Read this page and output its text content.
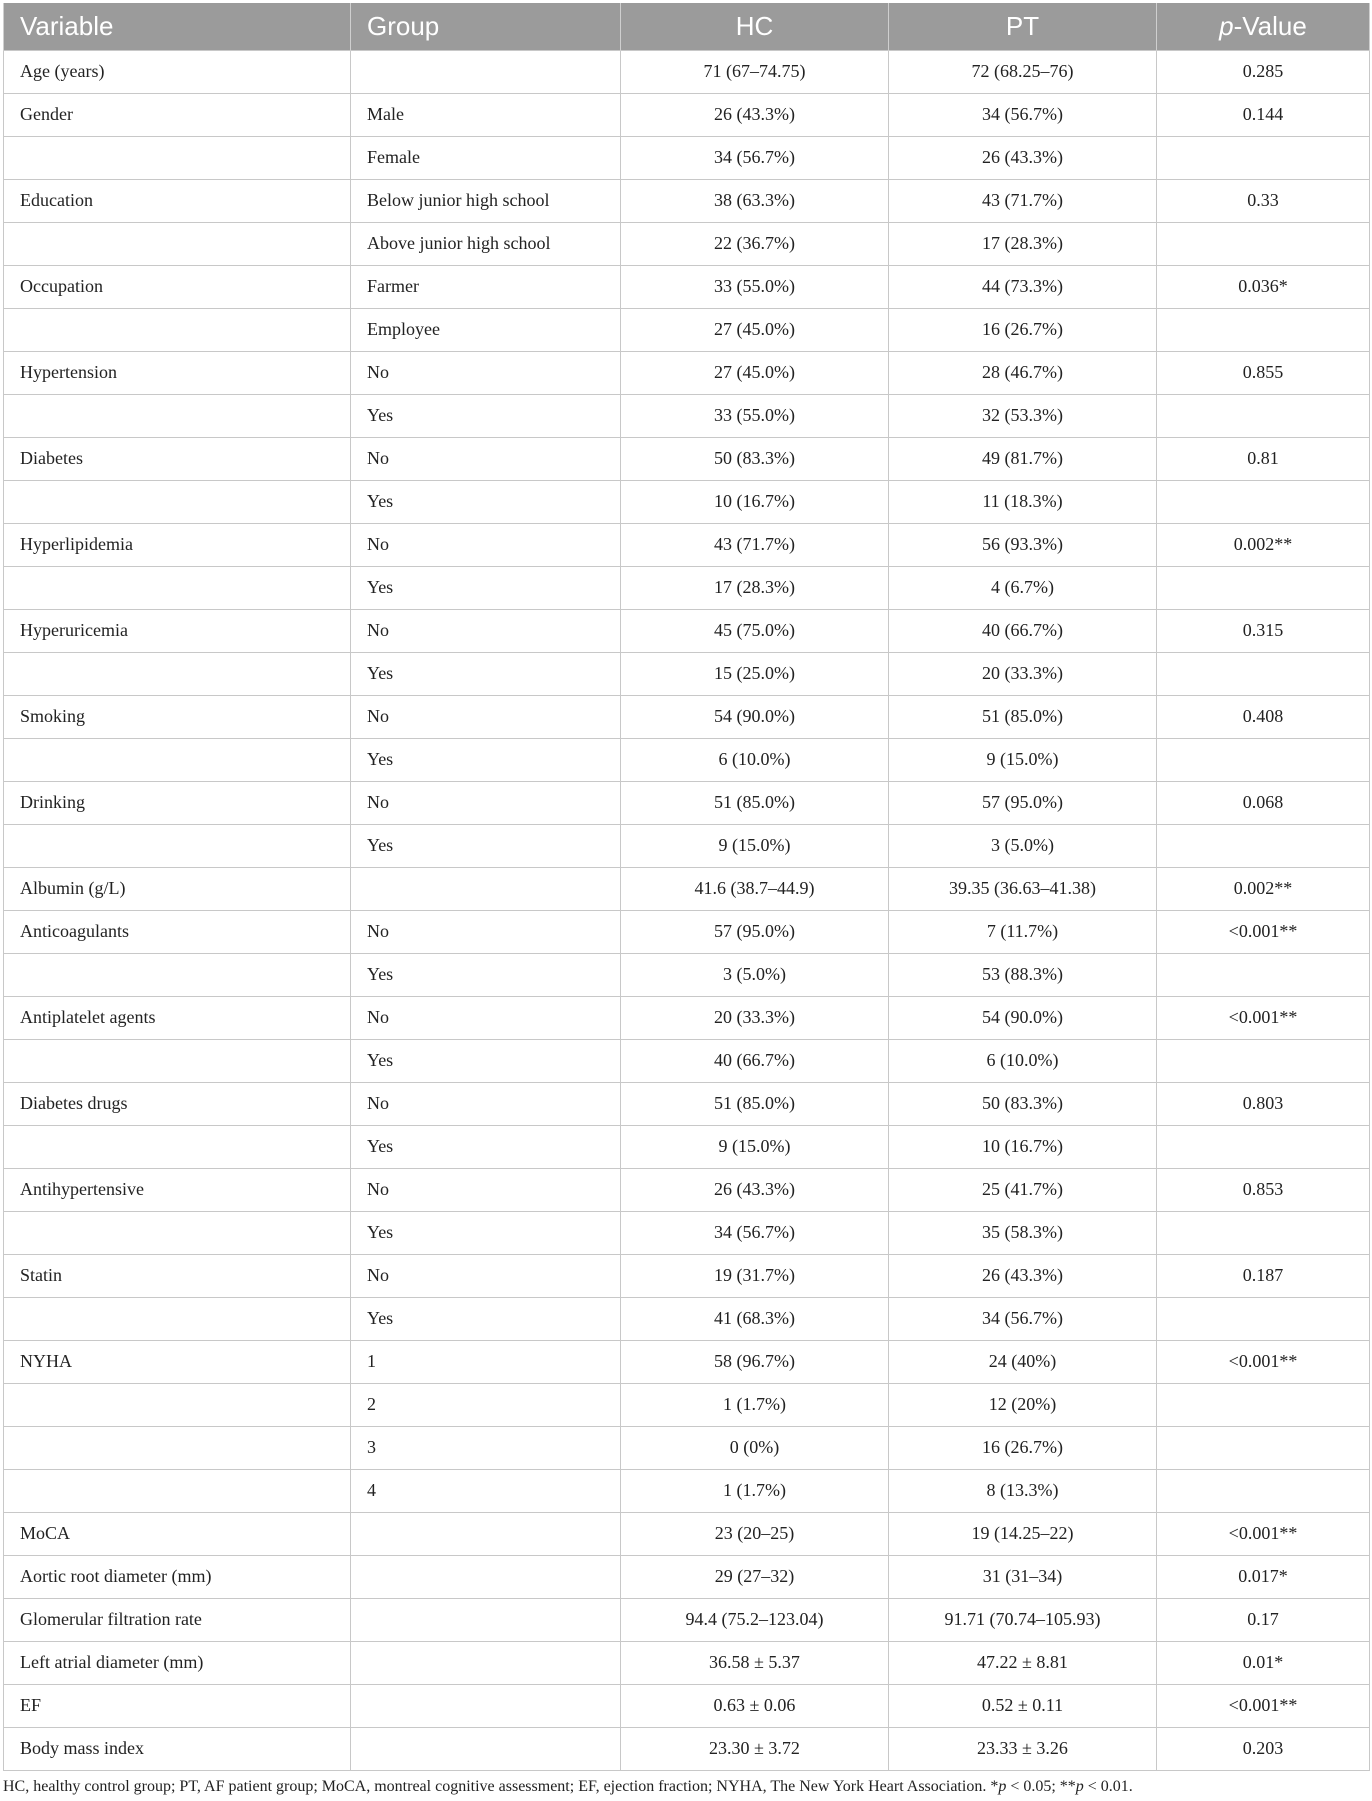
Variable	Group	HC	PT	p-Value
Age (years)		71 (67–74.75)	72 (68.25–76)	0.285
Gender	Male	26 (43.3%)	34 (56.7%)	0.144
	Female	34 (56.7%)	26 (43.3%)	
Education	Below junior high school	38 (63.3%)	43 (71.7%)	0.33
	Above junior high school	22 (36.7%)	17 (28.3%)	
Occupation	Farmer	33 (55.0%)	44 (73.3%)	0.036*
	Employee	27 (45.0%)	16 (26.7%)	
Hypertension	No	27 (45.0%)	28 (46.7%)	0.855
	Yes	33 (55.0%)	32 (53.3%)	
Diabetes	No	50 (83.3%)	49 (81.7%)	0.81
	Yes	10 (16.7%)	11 (18.3%)	
Hyperlipidemia	No	43 (71.7%)	56 (93.3%)	0.002**
	Yes	17 (28.3%)	4 (6.7%)	
Hyperuricemia	No	45 (75.0%)	40 (66.7%)	0.315
	Yes	15 (25.0%)	20 (33.3%)	
Smoking	No	54 (90.0%)	51 (85.0%)	0.408
	Yes	6 (10.0%)	9 (15.0%)	
Drinking	No	51 (85.0%)	57 (95.0%)	0.068
	Yes	9 (15.0%)	3 (5.0%)	
Albumin (g/L)		41.6 (38.7–44.9)	39.35 (36.63–41.38)	0.002**
Anticoagulants	No	57 (95.0%)	7 (11.7%)	<0.001**
	Yes	3 (5.0%)	53 (88.3%)	
Antiplatelet agents	No	20 (33.3%)	54 (90.0%)	<0.001**
	Yes	40 (66.7%)	6 (10.0%)	
Diabetes drugs	No	51 (85.0%)	50 (83.3%)	0.803
	Yes	9 (15.0%)	10 (16.7%)	
Antihypertensive	No	26 (43.3%)	25 (41.7%)	0.853
	Yes	34 (56.7%)	35 (58.3%)	
Statin	No	19 (31.7%)	26 (43.3%)	0.187
	Yes	41 (68.3%)	34 (56.7%)	
NYHA	1	58 (96.7%)	24 (40%)	<0.001**
	2	1 (1.7%)	12 (20%)	
	3	0 (0%)	16 (26.7%)	
	4	1 (1.7%)	8 (13.3%)	
MoCA		23 (20–25)	19 (14.25–22)	<0.001**
Aortic root diameter (mm)		29 (27–32)	31 (31–34)	0.017*
Glomerular filtration rate		94.4 (75.2–123.04)	91.71 (70.74–105.93)	0.17
Left atrial diameter (mm)		36.58 ± 5.37	47.22 ± 8.81	0.01*
EF		0.63 ± 0.06	0.52 ± 0.11	<0.001**
Body mass index		23.30 ± 3.72	23.33 ± 3.26	0.203
HC, healthy control group; PT, AF patient group; MoCA, montreal cognitive assessment; EF, ejection fraction; NYHA, The New York Heart Association. *p < 0.05; **p < 0.01.
